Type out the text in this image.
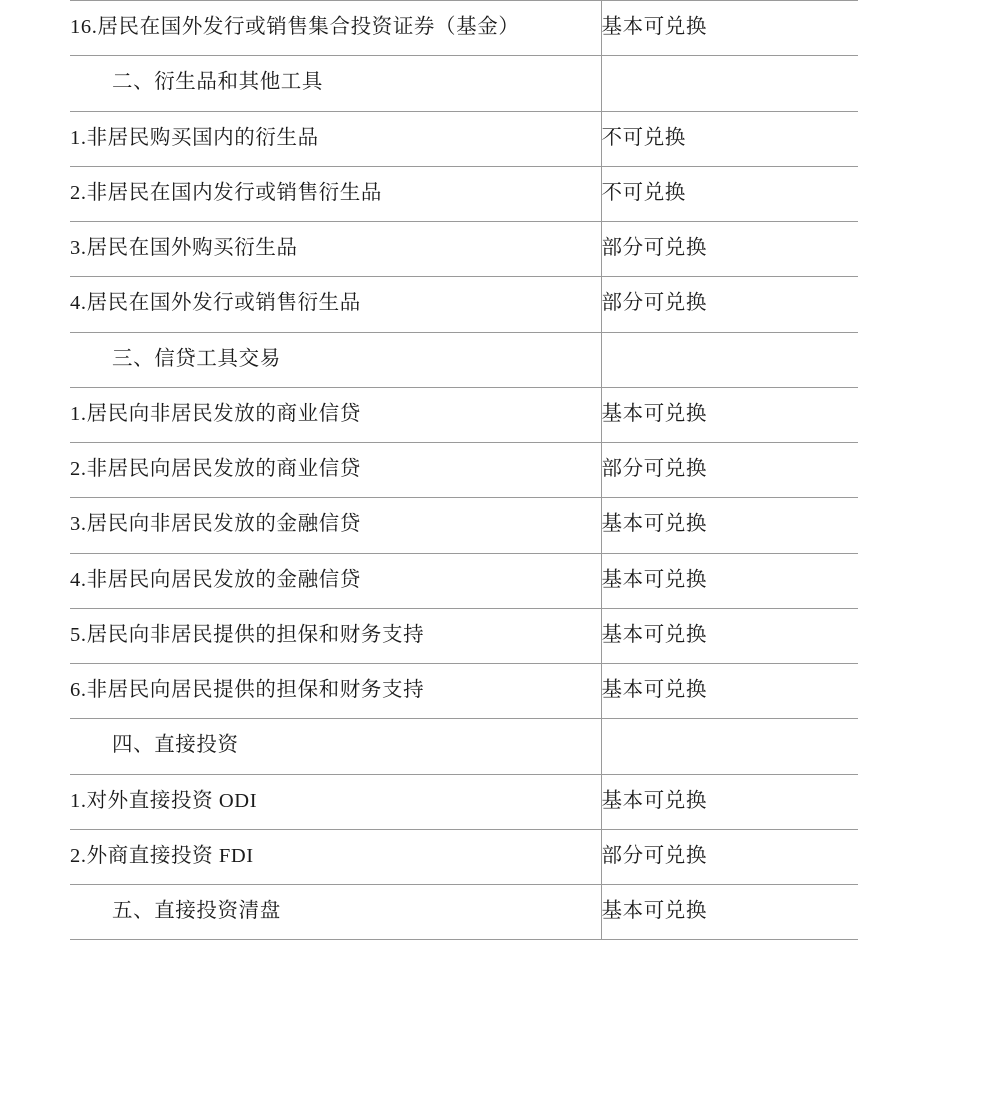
16.居民在国外发行或销售集合投资证券（基金）	基本可兑换
二、衍生品和其他工具	
1.非居民购买国内的衍生品	不可兑换
2.非居民在国内发行或销售衍生品	不可兑换
3.居民在国外购买衍生品	部分可兑换
4.居民在国外发行或销售衍生品	部分可兑换
三、信贷工具交易	
1.居民向非居民发放的商业信贷	基本可兑换
2.非居民向居民发放的商业信贷	部分可兑换
3.居民向非居民发放的金融信贷	基本可兑换
4.非居民向居民发放的金融信贷	基本可兑换
5.居民向非居民提供的担保和财务支持	基本可兑换
6.非居民向居民提供的担保和财务支持	基本可兑换
四、直接投资	
1.对外直接投资 ODI	基本可兑换
2.外商直接投资 FDI	部分可兑换
五、直接投资清盘	基本可兑换
